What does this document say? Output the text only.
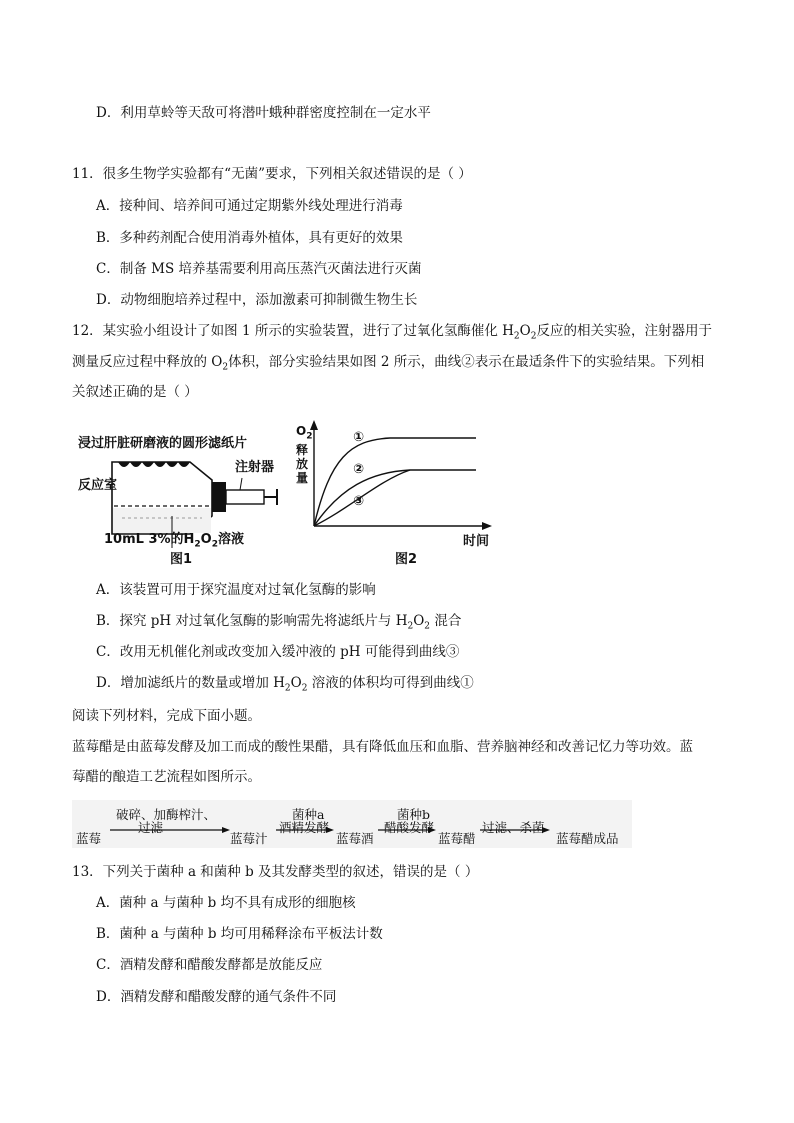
D．利用草蛉等天敌可将潜叶蛾种群密度控制在一定水平
11．很多生物学实验都有“无菌”要求，下列相关叙述错误的是（ ）
A．接种间、培养间可通过定期紫外线处理进行消毒
B．多种药剂配合使用消毒外植体，具有更好的效果
C．制备 MS 培养基需要利用高压蒸汽灭菌法进行灭菌
D．动物细胞培养过程中，添加激素可抑制微生物生长
12．某实验小组设计了如图 1 所示的实验装置，进行了过氧化氢酶催化 $H_2O_2$反应的相关实验，注射器用于
测量反应过程中释放的 $O_2$体积，部分实验结果如图 2 所示，曲线②表示在最适条件下的实验结果。下列相
关叙述正确的是（ ）
浸过肝脏研磨液的圆形滤纸片
反应室
注射器
10mL 3%的$H_2O_2$溶液
图1
$O_2$释放量
①
②
③
时间
图2
A．该装置可用于探究温度对过氧化氢酶的影响
B．探究 pH 对过氧化氢酶的影响需先将滤纸片与 $H_2O_2$ 混合
C．改用无机催化剂或改变加入缓冲液的 pH 可能得到曲线③
D．增加滤纸片的数量或增加 $H_2O_2$ 溶液的体积均可得到曲线①
阅读下列材料，完成下面小题。
蓝莓醋是由蓝莓发酵及加工而成的酸性果醋，具有降低血压和血脂、营养脑神经和改善记忆力等功效。蓝
莓醋的酿造工艺流程如图所示。
蓝莓
破碎、加酶榨汁、
过滤
蓝莓汁
菌种a
酒精发酵
蓝莓酒
菌种b
醋酸发酵
蓝莓醋
过滤、杀菌
蓝莓醋成品
13．下列关于菌种 a 和菌种 b 及其发酵类型的叙述，错误的是（ ）
A．菌种 a 与菌种 b 均不具有成形的细胞核
B．菌种 a 与菌种 b 均可用稀释涂布平板法计数
C．酒精发酵和醋酸发酵都是放能反应
D．酒精发酵和醋酸发酵的通气条件不同
